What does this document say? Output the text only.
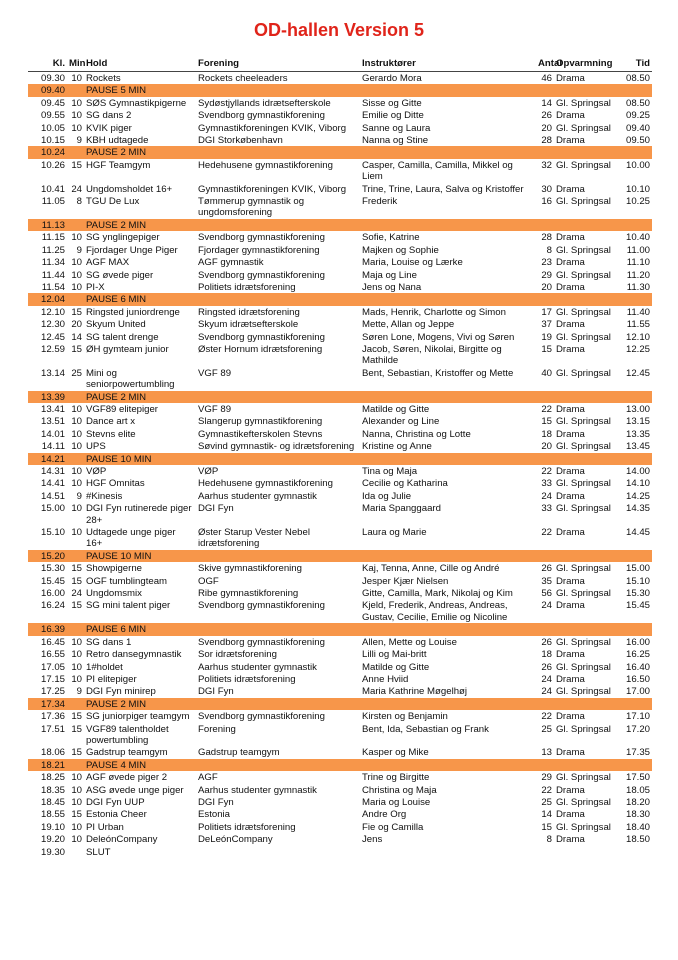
OD-hallen Version 5
Kl.	Min	Hold	Forening	Instruktører	Antal	Opvarmning	Tid
09.30	10	Rockets	Rockets cheeleaders	Gerardo Mora	46	Drama	08.50
09.40		PAUSE 5 MIN					
09.45	10	SØS Gymnastikpigerne	Sydøstjyllands idrætsefterskole	Sisse og Gitte	14	Gl. Springsal	08.50
09.55	10	SG dans 2	Svendborg gymnastikforening	Emilie og Ditte	26	Drama	09.25
10.05	10	KVIK piger	Gymnastikforeningen KVIK, Viborg	Sanne og Laura	20	Gl. Springsal	09.40
10.15	9	KBH udtagede	DGI Storkøbenhavn	Nanna og Stine	28	Drama	09.50
10.24		PAUSE 2 MIN					
10.26	15	HGF Teamgym	Hedehusene gymnastikforening	Casper, Camilla, Camilla, Mikkel og Liem	32	Gl. Springsal	10.00
10.41	24	Ungdomsholdet 16+	Gymnastikforeningen KVIK, Viborg	Trine, Trine, Laura, Salva og Kristoffer	30	Drama	10.10
11.05	8	TGU De Lux	Tømmerup gymnastik og ungdomsforening	Frederik	16	Gl. Springsal	10.25
11.13		PAUSE 2 MIN					
11.15	10	SG ynglingepiger	Svendborg gymnastikforening	Sofie, Katrine	28	Drama	10.40
11.25	9	Fjordager Unge Piger	Fjordager gymnastikforening	Majken og Sophie	8	Gl. Springsal	11.00
11.34	10	AGF MAX	AGF gymnastik	Maria, Louise og Lærke	23	Drama	11.10
11.44	10	SG øvede piger	Svendborg gymnastikforening	Maja og Line	29	Gl. Springsal	11.20
11.54	10	PI-X	Politiets idrætsforening	Jens og Nana	20	Drama	11.30
12.04		PAUSE 6 MIN					
12.10	15	Ringsted juniordrenge	Ringsted idrætsforening	Mads, Henrik, Charlotte og Simon	17	Gl. Springsal	11.40
12.30	20	Skyum United	Skyum idrætsefterskole	Mette, Allan og Jeppe	37	Drama	11.55
12.45	14	SG talent drenge	Svendborg gymnastikforening	Søren Lone, Mogens, Vivi og Søren	19	Gl. Springsal	12.10
12.59	15	ØH gymteam junior	Øster Hornum idrætsforening	Jacob, Søren, Nikolai, Birgitte og Mathilde	15	Drama	12.25
13.14	25	Mini og seniorpowertumbling	VGF 89	Bent, Sebastian, Kristoffer og Mette	40	Gl. Springsal	12.45
13.39		PAUSE 2 MIN					
13.41	10	VGF89 elitepiger	VGF 89	Matilde og Gitte	22	Drama	13.00
13.51	10	Dance art x	Slangerup gymnastikforening	Alexander og Line	15	Gl. Springsal	13.15
14.01	10	Stevns elite	Gymnastikefterskolen Stevns	Nanna, Christina og Lotte	18	Drama	13.35
14.11	10	UPS	Søvind gymnastik- og idrætsforening	Kristine og Anne	20	Gl. Springsal	13.45
14.21		PAUSE 10 MIN					
14.31	10	VØP	VØP	Tina og Maja	22	Drama	14.00
14.41	10	HGF Omnitas	Hedehusene gymnastikforening	Cecilie og Katharina	33	Gl. Springsal	14.10
14.51	9	#Kinesis	Aarhus studenter gymnastik	Ida og Julie	24	Drama	14.25
15.00	10	DGI Fyn rutinerede piger 28+	DGI Fyn	Maria Spanggaard	33	Gl. Springsal	14.35
15.10	10	Udtagede unge piger 16+	Øster Starup Vester Nebel idrætsforening	Laura og Marie	22	Drama	14.45
15.20		PAUSE 10 MIN					
15.30	15	Showpigerne	Skive gymnastikforening	Kaj, Tenna, Anne, Cille og André	26	Gl. Springsal	15.00
15.45	15	OGF tumblingteam	OGF	Jesper Kjær Nielsen	35	Drama	15.10
16.00	24	Ungdomsmix	Ribe gymnastikforening	Gitte, Camilla, Mark, Nikolaj og Kim	56	Gl. Springsal	15.30
16.24	15	SG mini talent piger	Svendborg gymnastikforening	Kjeld, Frederik, Andreas, Andreas, Gustav, Cecilie, Emilie og Nicoline	24	Drama	15.45
16.39		PAUSE 6 MIN					
16.45	10	SG dans 1	Svendborg gymnastikforening	Allen, Mette og Louise	26	Gl. Springsal	16.00
16.55	10	Retro dansegymnastik	Sor idrætsforening	Lilli og Mai-britt	18	Drama	16.25
17.05	10	1#holdet	Aarhus studenter gymnastik	Matilde og Gitte	26	Gl. Springsal	16.40
17.15	10	PI elitepiger	Politiets idrætsforening	Anne Hviid	24	Drama	16.50
17.25	9	DGI Fyn minirep	DGI Fyn	Maria Kathrine Møgelhøj	24	Gl. Springsal	17.00
17.34		PAUSE 2 MIN					
17.36	15	SG juniorpiger teamgym	Svendborg gymnastikforening	Kirsten og Benjamin	22	Drama	17.10
17.51	15	VGF89 talentholdet powertumbling	Forening	Bent, Ida, Sebastian og Frank	25	Gl. Springsal	17.20
18.06	15	Gadstrup teamgym	Gadstrup teamgym	Kasper og Mike	13	Drama	17.35
18.21		PAUSE 4 MIN					
18.25	10	AGF øvede piger 2	AGF	Trine og Birgitte	29	Gl. Springsal	17.50
18.35	10	ASG øvede unge piger	Aarhus studenter gymnastik	Christina og Maja	22	Drama	18.05
18.45	10	DGI Fyn UUP	DGI Fyn	Maria og Louise	25	Gl. Springsal	18.20
18.55	15	Estonia Cheer	Estonia	Andre Org	14	Drama	18.30
19.10	10	PI Urban	Politiets idrætsforening	Fie og Camilla	15	Gl. Springsal	18.40
19.20	10	DeleónCompany	DeLeónCompany	Jens	8	Drama	18.50
19.30		SLUT					
